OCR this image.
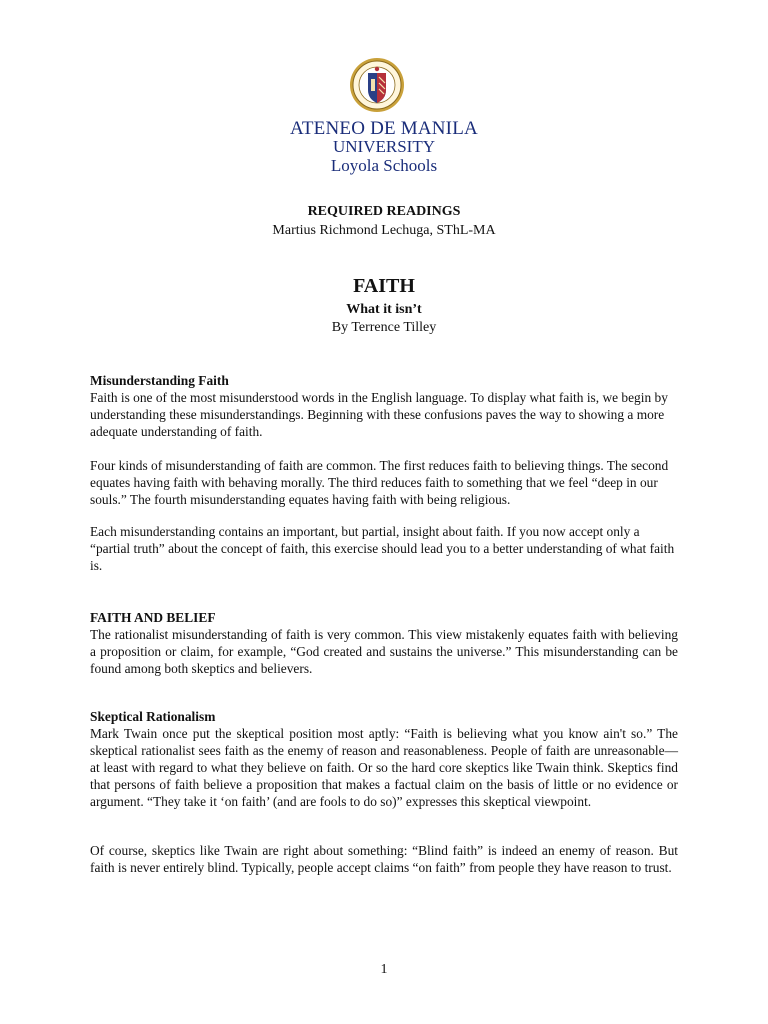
ATENEO DE MANILA
UNIVERSITY
Loyola Schools
REQUIRED READINGS
Martius Richmond Lechuga, SThL-MA
FAITH
What it isn’t
By Terrence Tilley
Misunderstanding Faith
Faith is one of the most misunderstood words in the English language. To display what faith is, we begin by understanding these misunderstandings. Beginning with these confusions paves the way to showing a more adequate understanding of faith.
Four kinds of misunderstanding of faith are common. The first reduces faith to believing things. The second equates having faith with behaving morally. The third reduces faith to something that we feel “deep in our souls.” The fourth misunderstanding equates having faith with being religious.
Each misunderstanding contains an important, but partial, insight about faith. If you now accept only a “partial truth” about the concept of faith, this exercise should lead you to a better understanding of what faith is.
FAITH AND BELIEF
The rationalist misunderstanding of faith is very common. This view mistakenly equates faith with believing a proposition or claim, for example, “God created and sustains the universe.” This misunderstanding can be found among both skeptics and believers.
Skeptical Rationalism
Mark Twain once put the skeptical position most aptly: “Faith is believing what you know ain't so.” The skeptical rationalist sees faith as the enemy of reason and reasonableness. People of faith are unreasonable—at least with regard to what they believe on faith. Or so the hard core skeptics like Twain think. Skeptics find that persons of faith believe a proposition that makes a factual claim on the basis of little or no evidence or argument. “They take it ‘on faith’ (and are fools to do so)” expresses this skeptical viewpoint.
Of course, skeptics like Twain are right about something: “Blind faith” is indeed an enemy of reason. But faith is never entirely blind. Typically, people accept claims “on faith” from people they have reason to trust.
1
